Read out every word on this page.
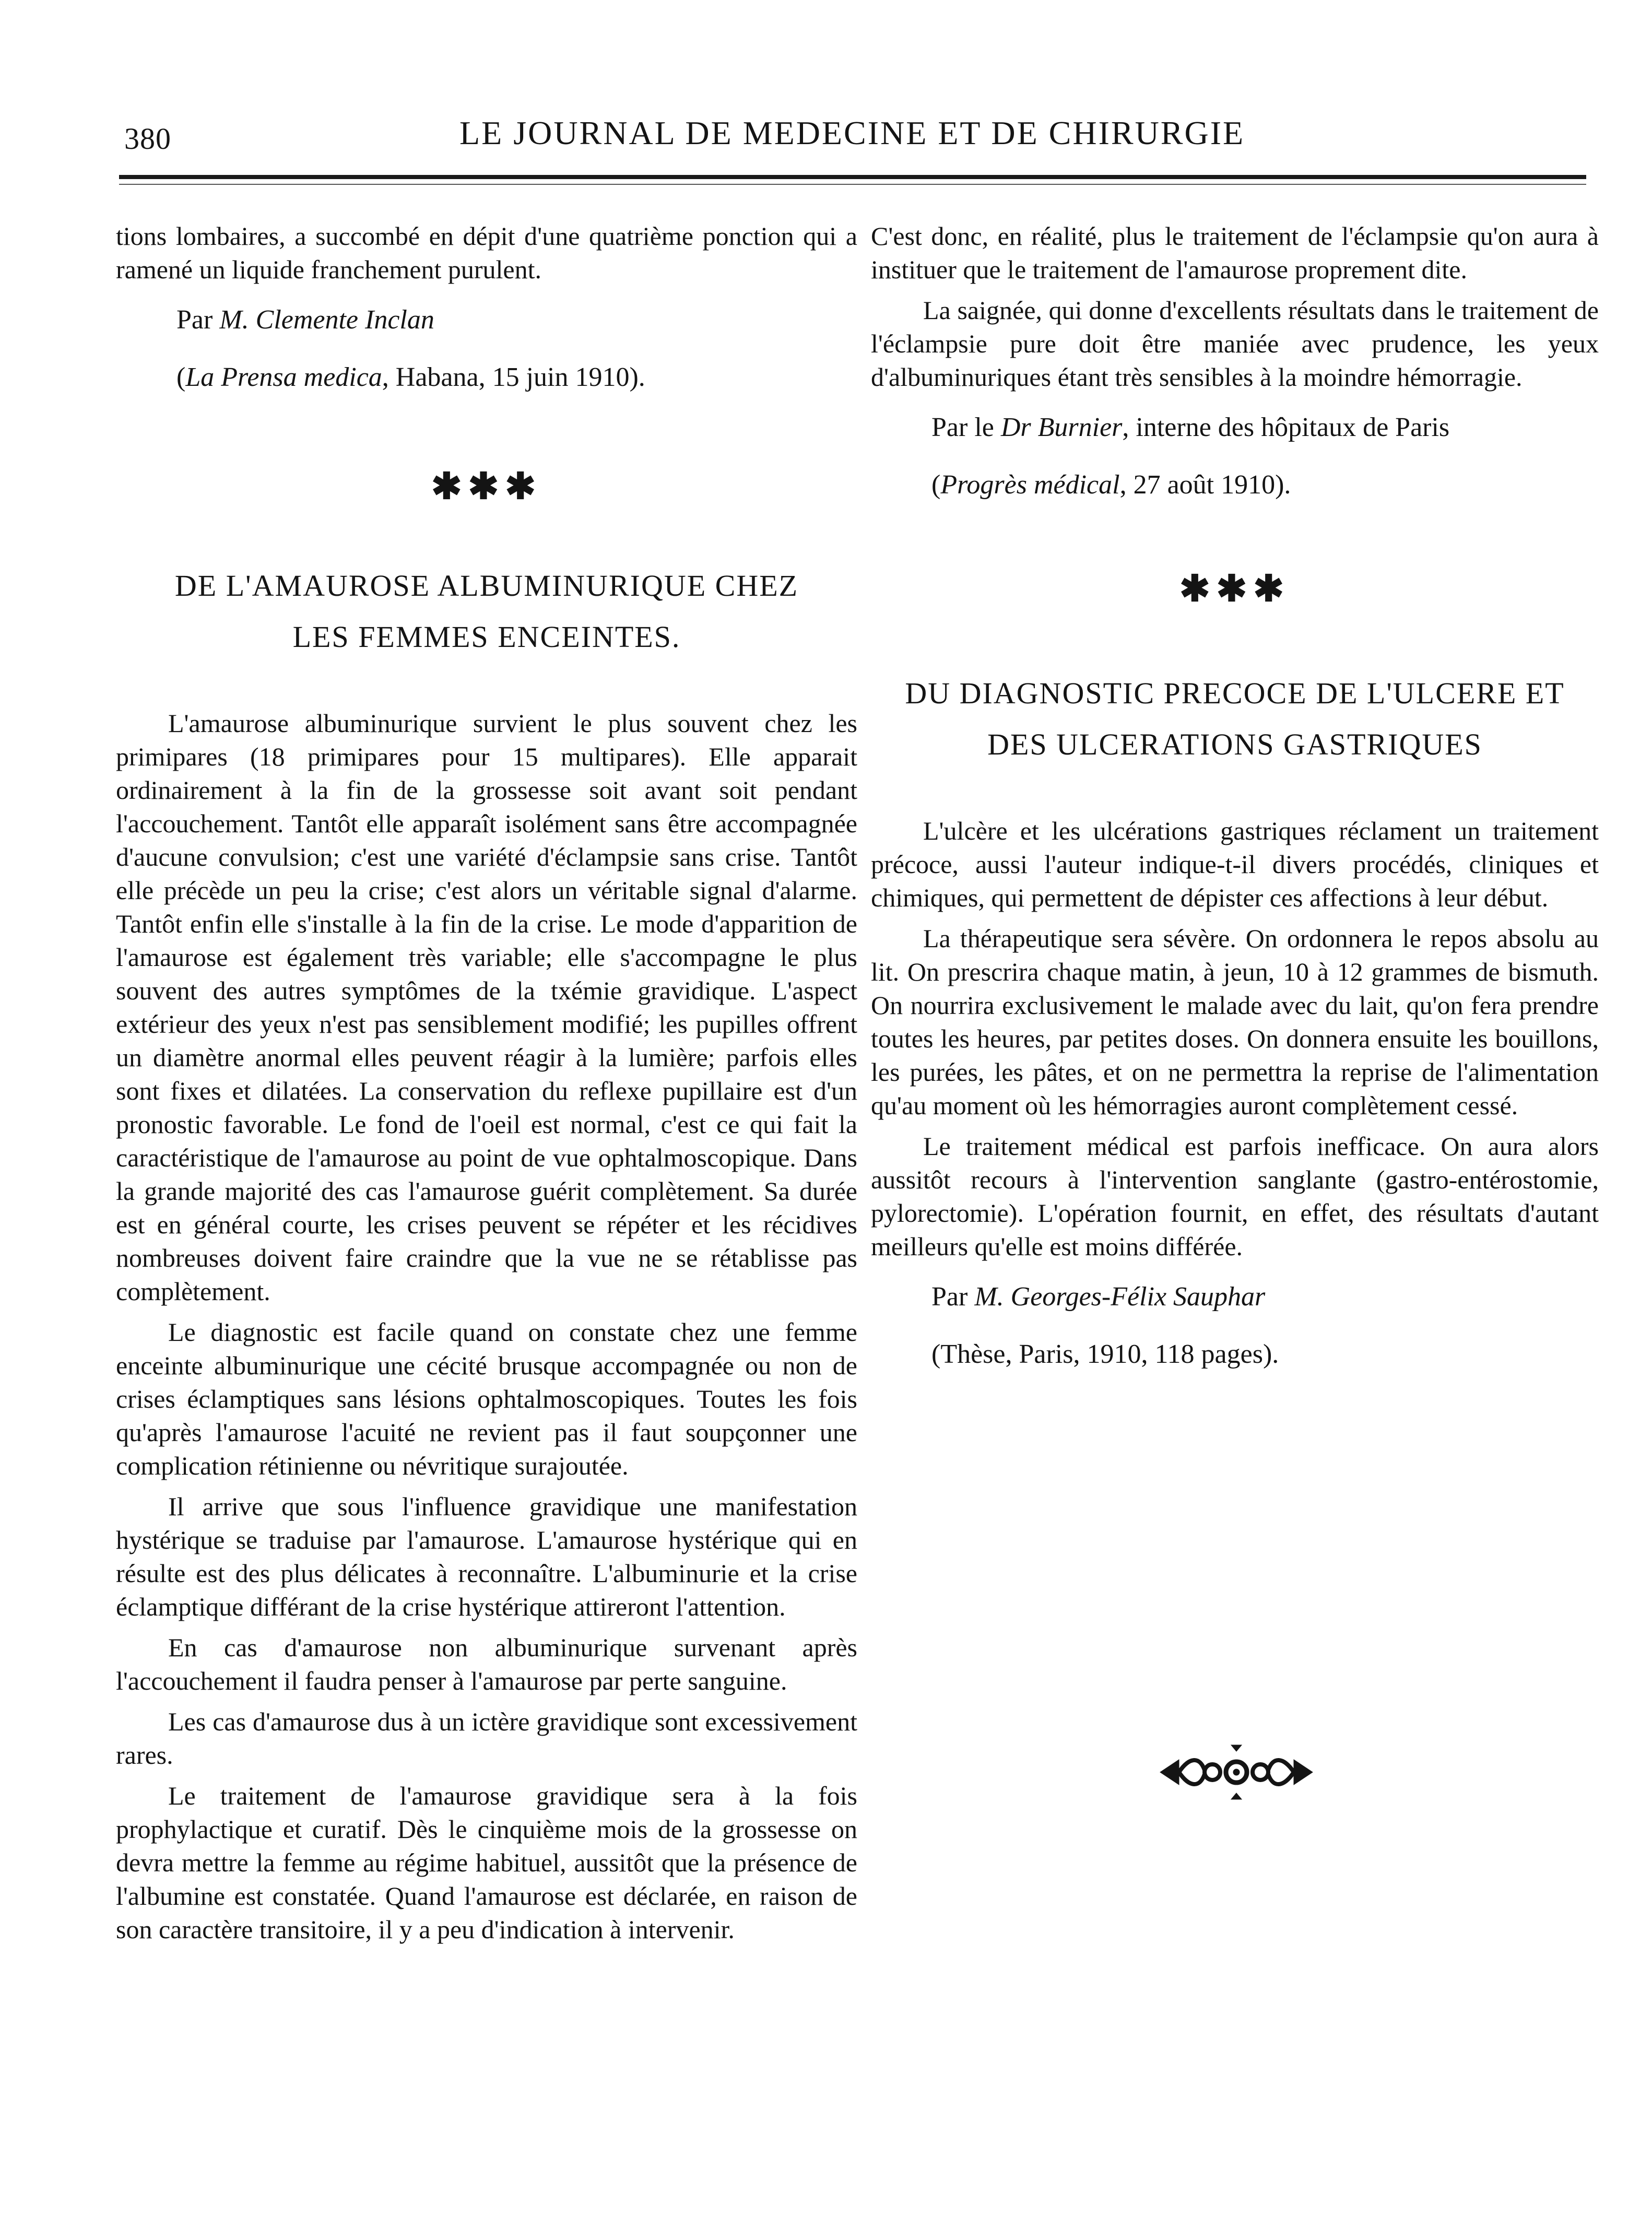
380	LE JOURNAL DE MEDECINE ET DE CHIRURGIE

tions lombaires, a succombé en dépit d'une quatrième ponction qui a ramené un liquide franchement purulent.

Par M. Clemente Inclan

(La Prensa medica, Habana, 15 juin 1910).

✱✱✱
DE L'AMAUROSE ALBUMINURIQUE CHEZ
LES FEMMES ENCEINTES.

L'amaurose albuminurique survient le plus souvent chez les primipares (18 primipares pour 15 multipares). Elle apparait ordinairement à la fin de la grossesse soit avant soit pendant l'accouchement. Tantôt elle apparaît isolément sans être accompagnée d'aucune convulsion; c'est une variété d'éclampsie sans crise. Tantôt elle précède un peu la crise; c'est alors un véritable signal d'alarme. Tantôt enfin elle s'installe à la fin de la crise. Le mode d'apparition de l'amaurose est également très variable; elle s'accompagne le plus souvent des autres symptômes de la txémie gravidique. L'aspect extérieur des yeux n'est pas sensiblement modifié; les pupilles offrent un diamètre anormal elles peuvent réagir à la lumière; parfois elles sont fixes et dilatées. La conservation du reflexe pupillaire est d'un pronostic favorable. Le fond de l'oeil est normal, c'est ce qui fait la caractéristique de l'amaurose au point de vue ophtalmoscopique. Dans la grande majorité des cas l'amaurose guérit complètement. Sa durée est en général courte, les crises peuvent se répéter et les récidives nombreuses doivent faire craindre que la vue ne se rétablisse pas complètement.

Le diagnostic est facile quand on constate chez une femme enceinte albuminurique une cécité brusque accompagnée ou non de crises éclamptiques sans lésions ophtalmoscopiques. Toutes les fois qu'après l'amaurose l'acuité ne revient pas il faut soupçonner une complication rétinienne ou névritique surajoutée.

Il arrive que sous l'influence gravidique une manifestation hystérique se traduise par l'amaurose. L'amaurose hystérique qui en résulte est des plus délicates à reconnaître. L'albuminurie et la crise éclamptique différant de la crise hystérique attireront l'attention.

En cas d'amaurose non albuminurique survenant après l'accouchement il faudra penser à l'amaurose par perte sanguine.

Les cas d'amaurose dus à un ictère gravidique sont excessivement rares.

Le traitement de l'amaurose gravidique sera à la fois prophylactique et curatif. Dès le cinquième mois de la grossesse on devra mettre la femme au régime habituel, aussitôt que la présence de l'albumine est constatée. Quand l'amaurose est déclarée, en raison de son caractère transitoire, il y a peu d'indication à intervenir.

C'est donc, en réalité, plus le traitement de l'éclampsie qu'on aura à instituer que le traitement de l'amaurose proprement dite.

La saignée, qui donne d'excellents résultats dans le traitement de l'éclampsie pure doit être maniée avec prudence, les yeux d'albuminuriques étant très sensibles à la moindre hémorragie.

Par le Dr Burnier, interne des hôpitaux de Paris

(Progrès médical, 27 août 1910).

✱✱✱
DU DIAGNOSTIC PRECOCE DE L'ULCERE ET
DES ULCERATIONS GASTRIQUES

L'ulcère et les ulcérations gastriques réclament un traitement précoce, aussi l'auteur indique-t-il divers procédés, cliniques et chimiques, qui permettent de dépister ces affections à leur début.

La thérapeutique sera sévère. On ordonnera le repos absolu au lit. On prescrira chaque matin, à jeun, 10 à 12 grammes de bismuth. On nourrira exclusivement le malade avec du lait, qu'on fera prendre toutes les heures, par petites doses. On donnera ensuite les bouillons, les purées, les pâtes, et on ne permettra la reprise de l'alimentation qu'au moment où les hémorragies auront complètement cessé.

Le traitement médical est parfois inefficace. On aura alors aussitôt recours à l'intervention sanglante (gastro-entérostomie, pylorectomie). L'opération fournit, en effet, des résultats d'autant meilleurs qu'elle est moins différée.

Par M. Georges-Félix Sauphar

(Thèse, Paris, 1910, 118 pages).
